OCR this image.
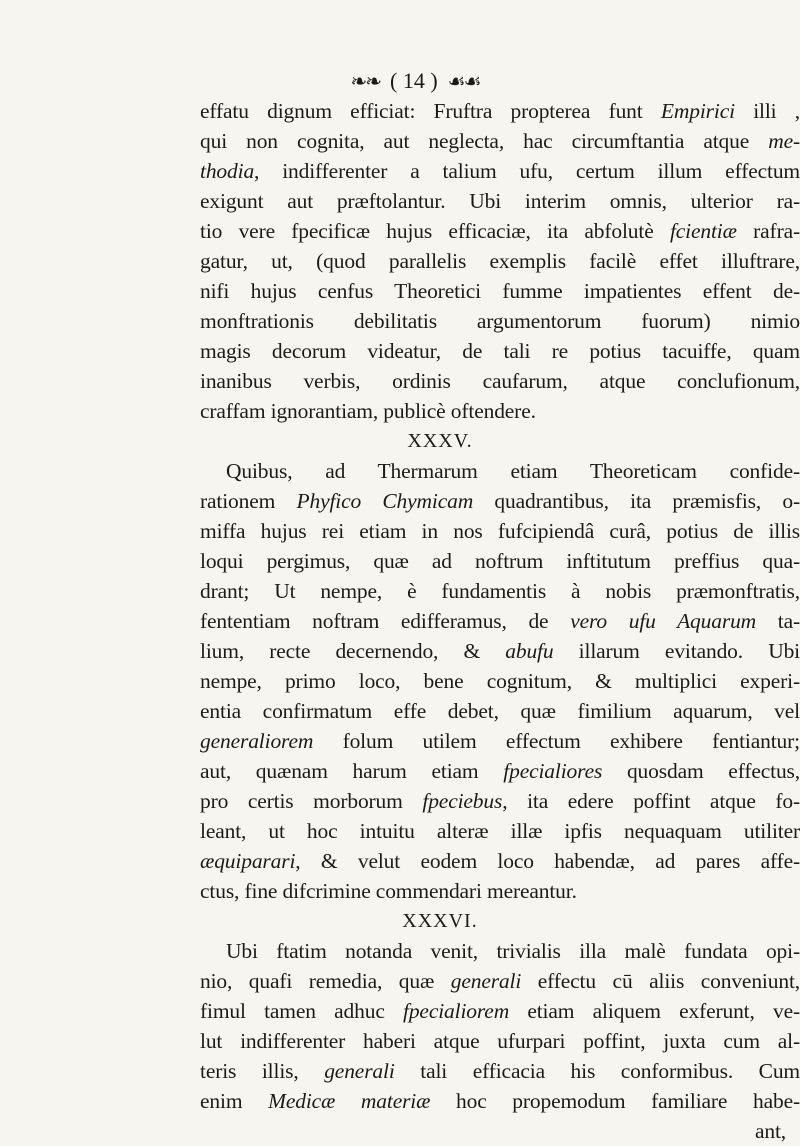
❧❧ ( 14 ) ☙☙
effatu dignum efficiat: Fruftra propterea funt Empirici illi ,
qui non cognita, aut neglecta, hac circumftantia atque me-
thodia, indifferenter a talium ufu, certum illum effectum
exigunt aut præftolantur. Ubi interim omnis, ulterior ra-
tio vere fpecificæ hujus efficaciæ, ita abfolutè fcientiæ rafra-
gatur, ut, (quod parallelis exemplis facilè effet illuftrare,
nifi hujus cenfus Theoretici fumme impatientes effent de-
monftrationis debilitatis argumentorum fuorum) nimio
magis decorum videatur, de tali re potius tacuiffe, quam
inanibus verbis, ordinis caufarum, atque conclufionum,
craffam ignorantiam, publicè oftendere.
XXXV.
Quibus, ad Thermarum etiam Theoreticam confide-
rationem Phyfico Chymicam quadrantibus, ita præmisfis, o-
miffa hujus rei etiam in nos fufcipiendâ curâ, potius de illis
loqui pergimus, quæ ad noftrum inftitutum preffius qua-
drant; Ut nempe, è fundamentis à nobis præmonftratis,
fententiam noftram edifferamus, de vero ufu Aquarum ta-
lium, recte decernendo, & abufu illarum evitando. Ubi
nempe, primo loco, bene cognitum, & multiplici experi-
entia confirmatum effe debet, quæ fimilium aquarum, vel
generaliorem folum utilem effectum exhibere fentiantur;
aut, quænam harum etiam fpecialiores quosdam effectus,
pro certis morborum fpeciebus, ita edere poffint atque fo-
leant, ut hoc intuitu alteræ illæ ipfis nequaquam utiliter
æquiparari, & velut eodem loco habendæ, ad pares affe-
ctus, fine difcrimine commendari mereantur.
XXXVI.
Ubi ftatim notanda venit, trivialis illa malè fundata opi-
nio, quafi remedia, quæ generali effectu cū aliis conveniunt,
fimul tamen adhuc fpecialiorem etiam aliquem exferunt, ve-
lut indifferenter haberi atque ufurpari poffint, juxta cum al-
teris illis, generali tali efficacia his conformibus. Cum
enim Medicæ materiæ hoc propemodum familiare habe-
ant,
